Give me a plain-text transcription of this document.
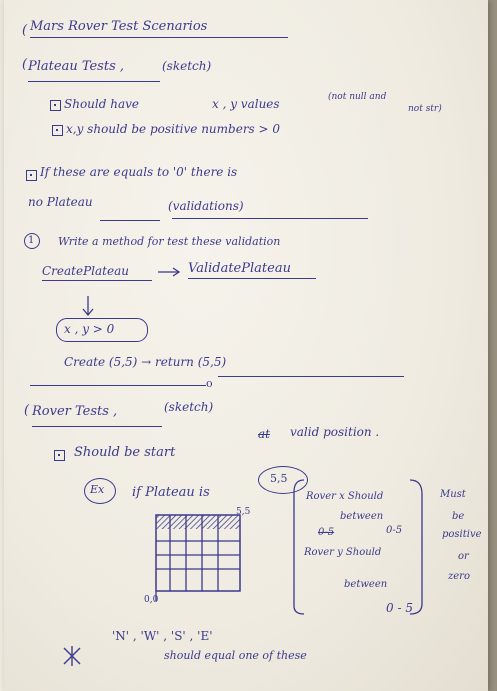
Mars Rover Test Scenarios
(
( Plateau Tests ,	(sketch)
Should have	x , y values	(not null and
not str)
x,y should be positive numbers > 0
If these are equals to '0' there is
no Plateau	(validations)
1 Write a method for test these validation
CreatePlateau	ValidatePlateau
x , y > 0
Create (5,5) → return (5,5)
o
( Rover Tests ,	(sketch)
Should be start
at valid position .
Ex if Plateau is
5,5
5,5
0,0
Rover x Should
between
0-5	0-5
Rover y Should
between
0 - 5
Must
be
positive
or
zero
'N' , 'W' , 'S' , 'E'
should equal one of these
